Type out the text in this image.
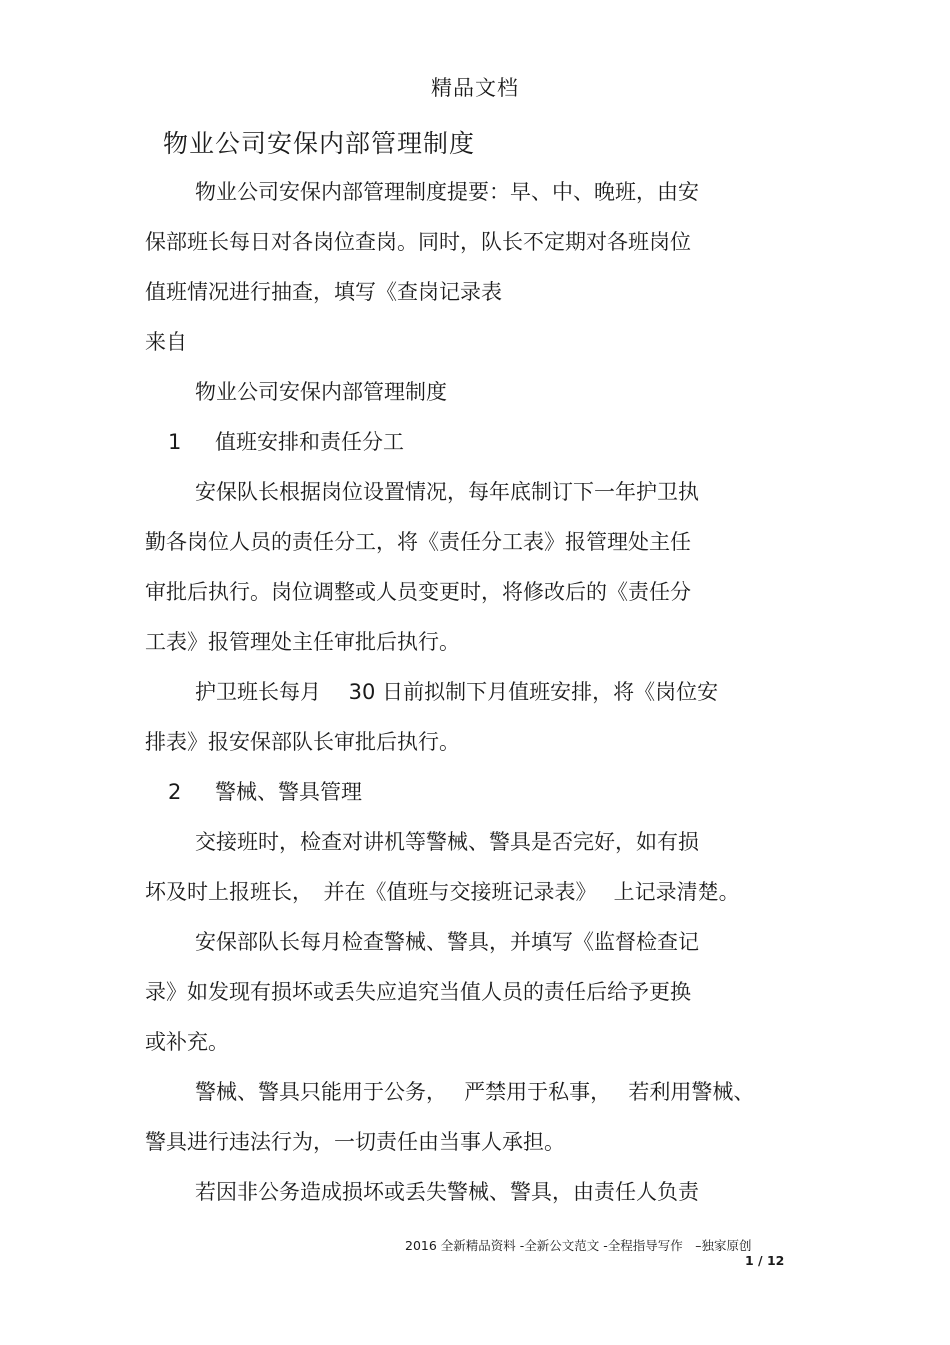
精品文档
物业公司安保内部管理制度
物业公司安保内部管理制度提要：早、中、晚班，由安
保部班长每日对各岗位查岗。同时，队长不定期对各班岗位
值班情况进行抽查，填写《查岗记录表
来自
物业公司安保内部管理制度
1 值班安排和责任分工
安保队长根据岗位设置情况，每年底制订下一年护卫执
勤各岗位人员的责任分工，将《责任分工表》报管理处主任
审批后执行。岗位调整或人员变更时，将修改后的《责任分
工表》报管理处主任审批后执行。
护卫班长每月　 30 日前拟制下月值班安排，将《岗位安
排表》报安保部队长审批后执行。
2 警械、警具管理
交接班时，检查对讲机等警械、警具是否完好，如有损
坏及时上报班长，　并在《值班与交接班记录表》　 上记录清楚。
安保部队长每月检查警械、警具，并填写《监督检查记
录》如发现有损坏或丢失应追究当值人员的责任后给予更换
或补充。
警械、警具只能用于公务，　 严禁用于私事，　 若利用警械、
警具进行违法行为，一切责任由当事人承担。
若因非公务造成损坏或丢失警械、警具，由责任人负责
2016 全新精品资料 -全新公文范文 -全程指导写作　–独家原创
1 / 12
